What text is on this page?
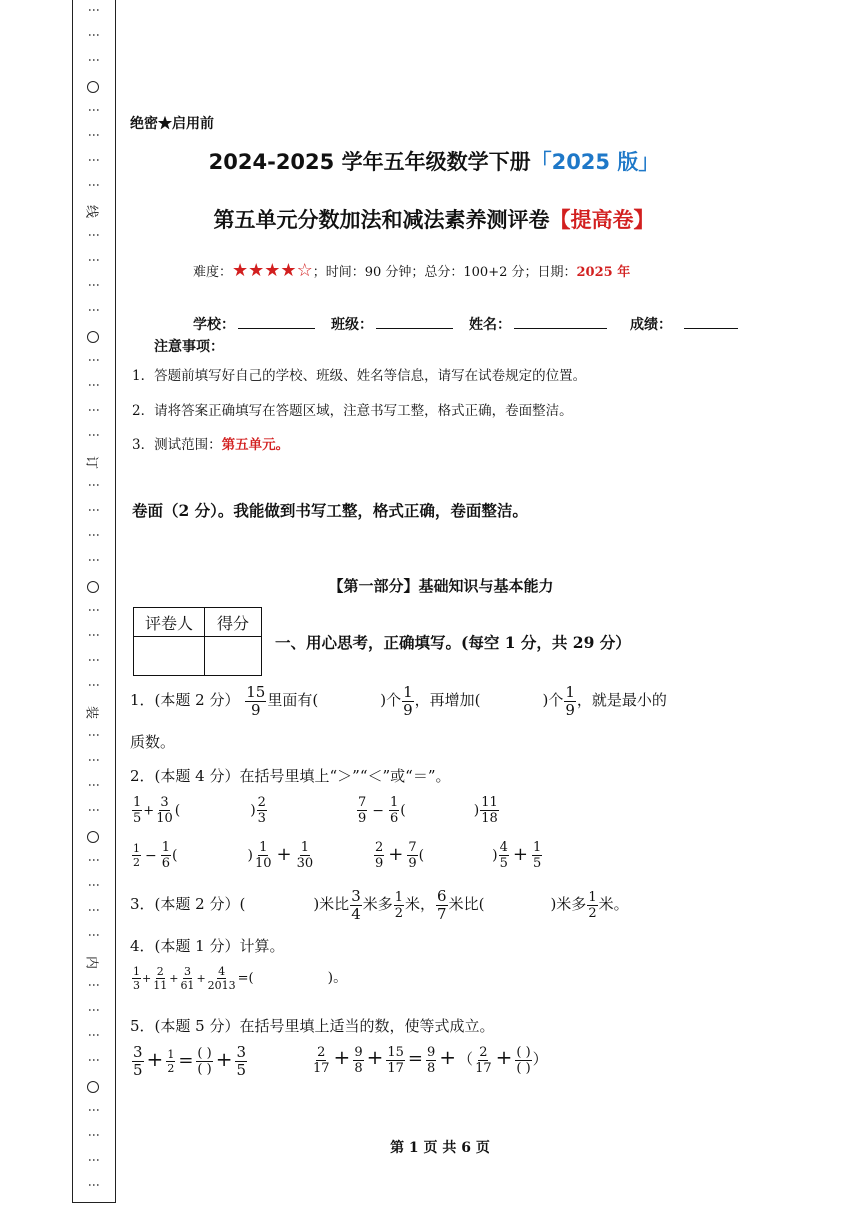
线
订
装
内
⋮
⋮
⋮
⋮
⋮
⋮
⋮
⋮
⋮
⋮
⋮
⋮
⋮
⋮
⋮
⋮
⋮
⋮
⋮
⋮
⋮
⋮
⋮
⋮
⋮
⋮
⋮
⋮
⋮
⋮
⋮
⋮
⋮
⋮
⋮
⋮
⋮
⋮
⋮
绝密★启用前
2024-2025 学年五年级数学下册「2025 版」
第五单元分数加法和减法素养测评卷【提高卷】
难度：★★★★☆；时间：90 分钟；总分：100+2 分；日期：2025 年
学校：	班级：	姓名：	成绩：
注意事项：
1．答题前填写好自己的学校、班级、姓名等信息，请写在试卷规定的位置。
2．请将答案正确填写在答题区域，注意书写工整，格式正确，卷面整洁。
3．测试范围：第五单元。
卷面（2 分）。我能做到书写工整，格式正确，卷面整洁。
【第一部分】基础知识与基本能力
评卷人	得分

一、用心思考，正确填写。(每空 1 分，共 29 分）
1．(本题 2 分） $\frac{15}{9}$ 里面有(	)个 $\frac{1}{9}$ ，再增加(	)个 $\frac{1}{9}$ ，就是最小的
质数。
2．(本题 4 分）在括号里填上“＞”“＜”或“＝”。
$\frac{1}{5} + \frac{3}{10}$ (	) $\frac{2}{3}$	$\frac{7}{9} - \frac{1}{6}$ (	) $\frac{11}{18}$
$\frac{1}{2} - \frac{1}{6}$ (	) $\frac{1}{10} + \frac{1}{30}$	$\frac{2}{9} + \frac{7}{9}$ (	) $\frac{4}{5} + \frac{1}{5}$
3．(本题 2 分）(	)米比 $\frac{3}{4}$ 米多 $\frac{1}{2}$ 米， $\frac{6}{7}$ 米比(	)米多 $\frac{1}{2}$ 米。
4．(本题 1 分）计算。
$\frac{1}{3} + \frac{2}{11} + \frac{3}{61} + \frac{4}{2013}$ =(	)。
5．(本题 5 分）在括号里填上适当的数，使等式成立。
$\frac{3}{5} + \frac{1}{2} = \frac{( )}{( )} + \frac{3}{5}$	$\frac{2}{17} + \frac{9}{8} + \frac{15}{17} = \frac{9}{8}$ + （ $\frac{2}{17} + \frac{( )}{( )}$ ）
第 1 页 共 6 页
